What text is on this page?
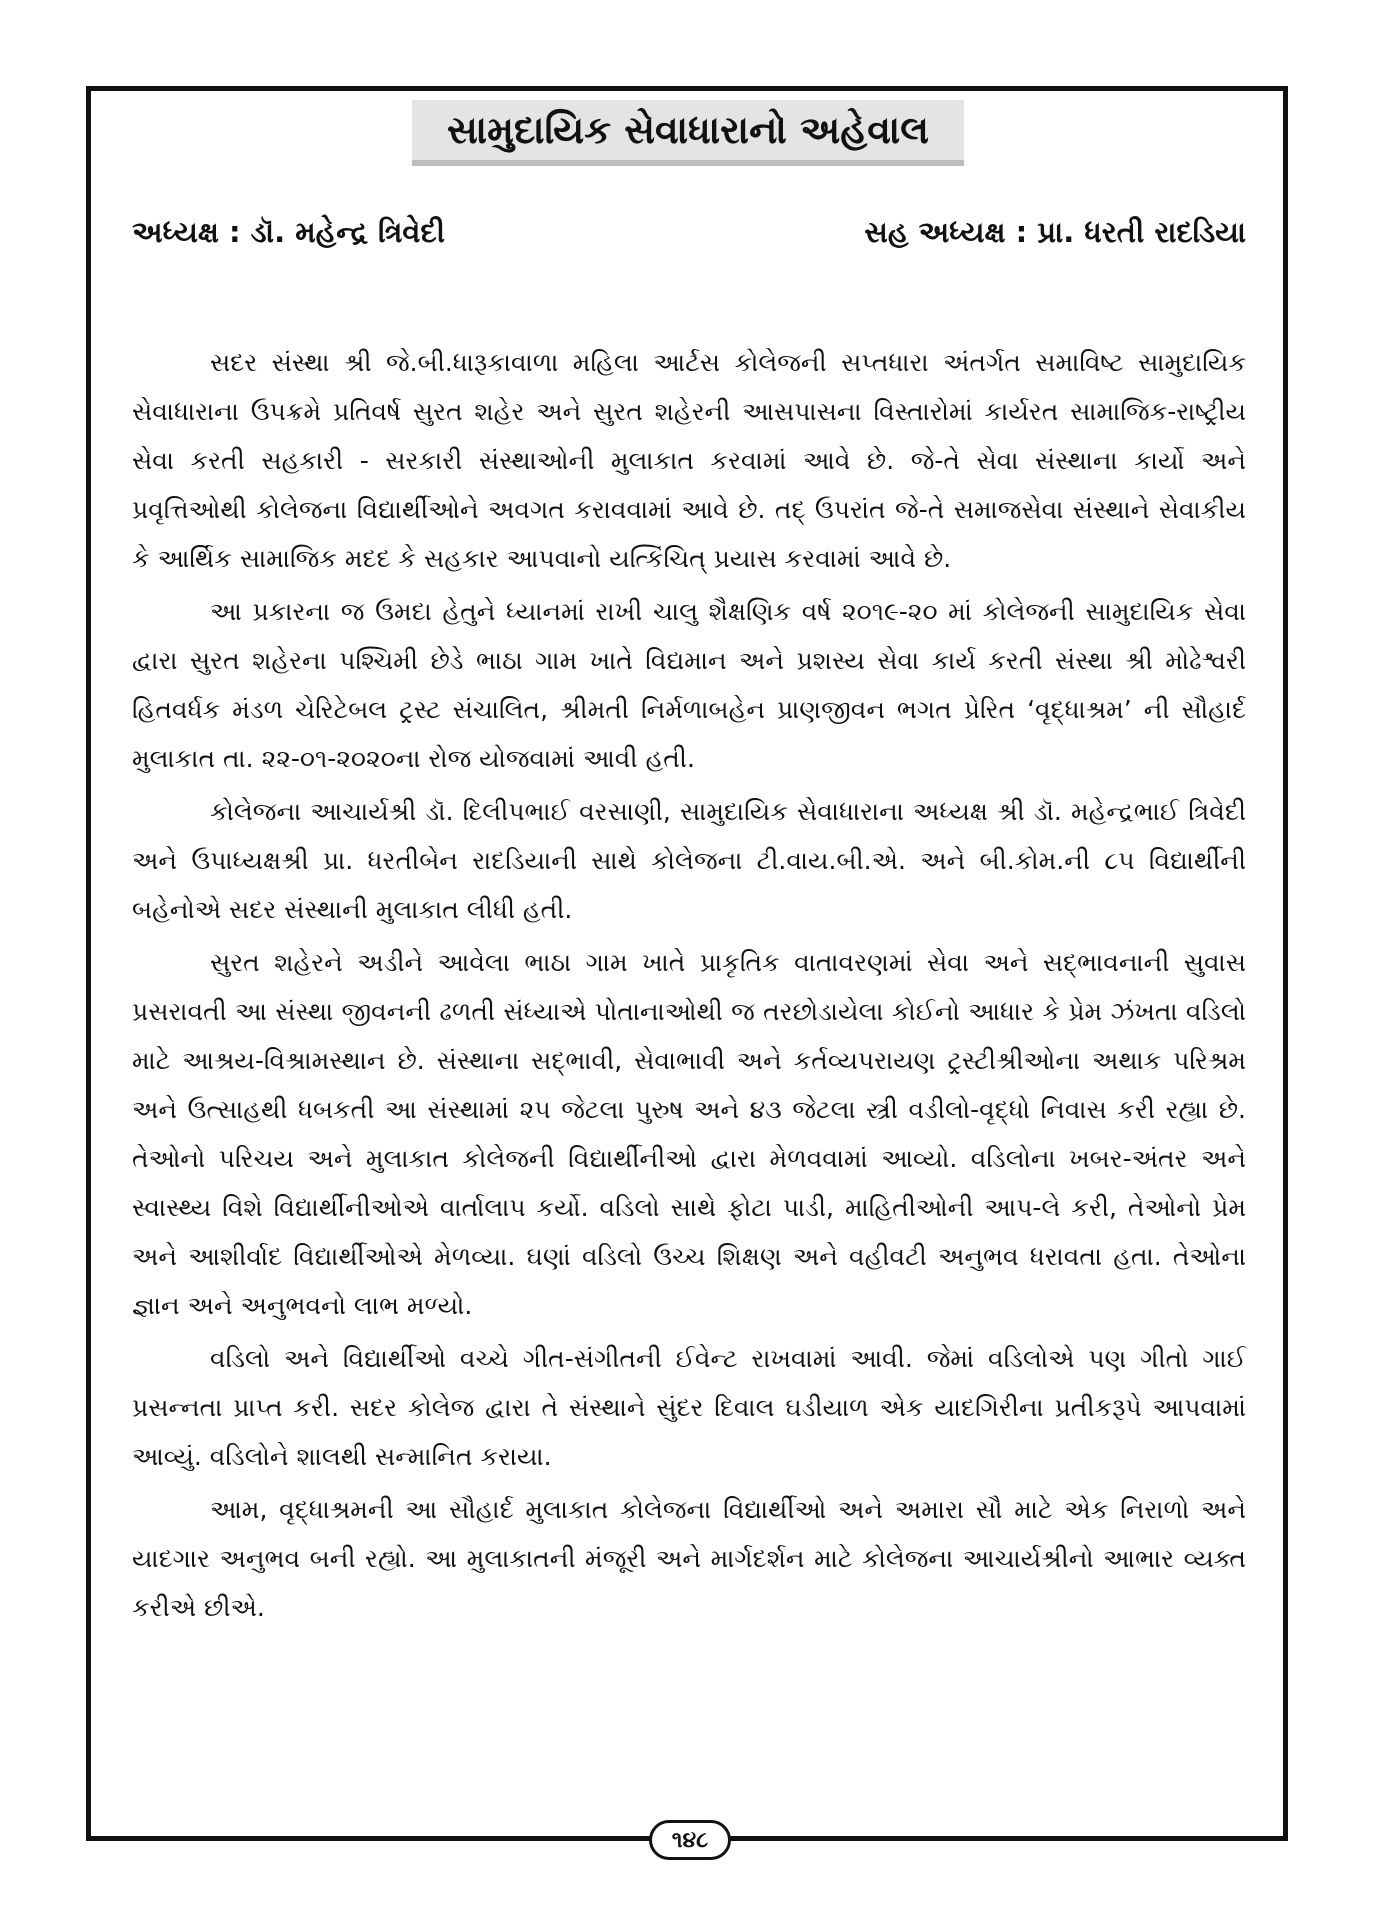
સામુદાયિક સેવાધારાનો અહેવાલ
અધ્યક્ષ : ડૉ. મહેન્દ્ર ત્રિવેદી	સહ અધ્યક્ષ : પ્રા. ધરતી રાદડિયા

સદર સંસ્થા શ્રી જે.બી.ધારૂકાવાળા મહિલા આર્ટસ કોલેજની સપ્તધારા અંતર્ગત સમાવિષ્ટ સામુદાયિક સેવાધારાના ઉપક્રમે પ્રતિવર્ષ સુરત શહેર અને સુરત શહેરની આસપાસના વિસ્તારોમાં કાર્યરત સામાજિક-રાષ્ટ્રીય સેવા કરતી સહકારી - સરકારી સંસ્થાઓની મુલાકાત કરવામાં આવે છે. જે-તે સેવા સંસ્થાના કાર્યો અને પ્રવૃત્તિઓથી કોલેજના વિદ્યાર્થીઓને અવગત કરાવવામાં આવે છે. તદ્ ઉપરાંત જે-તે સમાજસેવા સંસ્થાને સેવાકીય કે આર્થિક સામાજિક મદદ કે સહકાર આપવાનો યત્કિંચિત્ પ્રયાસ કરવામાં આવે છે.

આ પ્રકારના જ ઉમદા હેતુને ધ્યાનમાં રાખી ચાલુ શૈક્ષણિક વર્ષ ૨૦૧૯-૨૦ માં કોલેજની સામુદાયિક સેવા દ્વારા સુરત શહેરના પશ્ચિમી છેડે ભાઠા ગામ ખાતે વિદ્યમાન અને પ્રશસ્ય સેવા કાર્ય કરતી સંસ્થા શ્રી મોઢેશ્વરી હિતવર્ધક મંડળ ચેરિટેબલ ટ્રસ્ટ સંચાલિત, શ્રીમતી નિર્મળાબહેન પ્રાણજીવન ભગત પ્રેરિત ‘વૃદ્ધાશ્રમ’ ની સૌહાર્દ મુલાકાત તા. ૨૨-૦૧-૨૦૨૦ના રોજ યોજવામાં આવી હતી.

કોલેજના આચાર્યશ્રી ડૉ. દિલીપભાઈ વરસાણી, સામુદાયિક સેવાધારાના અધ્યક્ષ શ્રી ડૉ. મહેન્દ્રભાઈ ત્રિવેદી અને ઉપાધ્યક્ષશ્રી પ્રા. ધરતીબેન રાદડિયાની સાથે કોલેજના ટી.વાય.બી.એ. અને બી.કોમ.ની ૮૫ વિદ્યાર્થીની બહેનોએ સદર સંસ્થાની મુલાકાત લીધી હતી.

સુરત શહેરને અડીને આવેલા ભાઠા ગામ ખાતે પ્રાકૃતિક વાતાવરણમાં સેવા અને સદ્ભાવનાની સુવાસ પ્રસરાવતી આ સંસ્થા જીવનની ઢળતી સંધ્યાએ પોતાનાઓથી જ તરછોડાયેલા કોઈનો આધાર કે પ્રેમ ઝંખતા વડિલો માટે આશ્રય-વિશ્રામસ્થાન છે. સંસ્થાના સદ્ભાવી, સેવાભાવી અને કર્તવ્યપરાયણ ટ્રસ્ટીશ્રીઓના અથાક પરિશ્રમ અને ઉત્સાહથી ધબકતી આ સંસ્થામાં ૨૫ જેટલા પુરુષ અને ૪૩ જેટલા સ્ત્રી વડીલો-વૃદ્ધો નિવાસ કરી રહ્યા છે. તેઓનો પરિચય અને મુલાકાત કોલેજની વિદ્યાર્થીનીઓ દ્વારા મેળવવામાં આવ્યો. વડિલોના ખબર-અંતર અને સ્વાસ્થ્ય વિશે વિદ્યાર્થીનીઓએ વાર્તાલાપ કર્યો. વડિલો સાથે ફોટા પાડી, માહિતીઓની આપ-લે કરી, તેઓનો પ્રેમ અને આશીર્વાદ વિદ્યાર્થીઓએ મેળવ્યા. ઘણાં વડિલો ઉચ્ચ શિક્ષણ અને વહીવટી અનુભવ ધરાવતા હતા. તેઓના જ્ઞાન અને અનુભવનો લાભ મળ્યો.

વડિલો અને વિદ્યાર્થીઓ વચ્ચે ગીત-સંગીતની ઈવેન્ટ રાખવામાં આવી. જેમાં વડિલોએ પણ ગીતો ગાઈ પ્રસન્નતા પ્રાપ્ત કરી. સદર કોલેજ દ્વારા તે સંસ્થાને સુંદર દિવાલ ઘડીયાળ એક યાદગિરીના પ્રતીકરૂપે આપવામાં આવ્યું. વડિલોને શાલથી સન્માનિત કરાયા.

આમ, વૃદ્ધાશ્રમની આ સૌહાર્દ મુલાકાત કોલેજના વિદ્યાર્થીઓ અને અમારા સૌ માટે એક નિરાળો અને યાદગાર અનુભવ બની રહ્યો. આ મુલાકાતની મંજૂરી અને માર્ગદર્શન માટે કોલેજના આચાર્યશ્રીનો આભાર વ્યક્ત કરીએ છીએ.

૧૪૮
